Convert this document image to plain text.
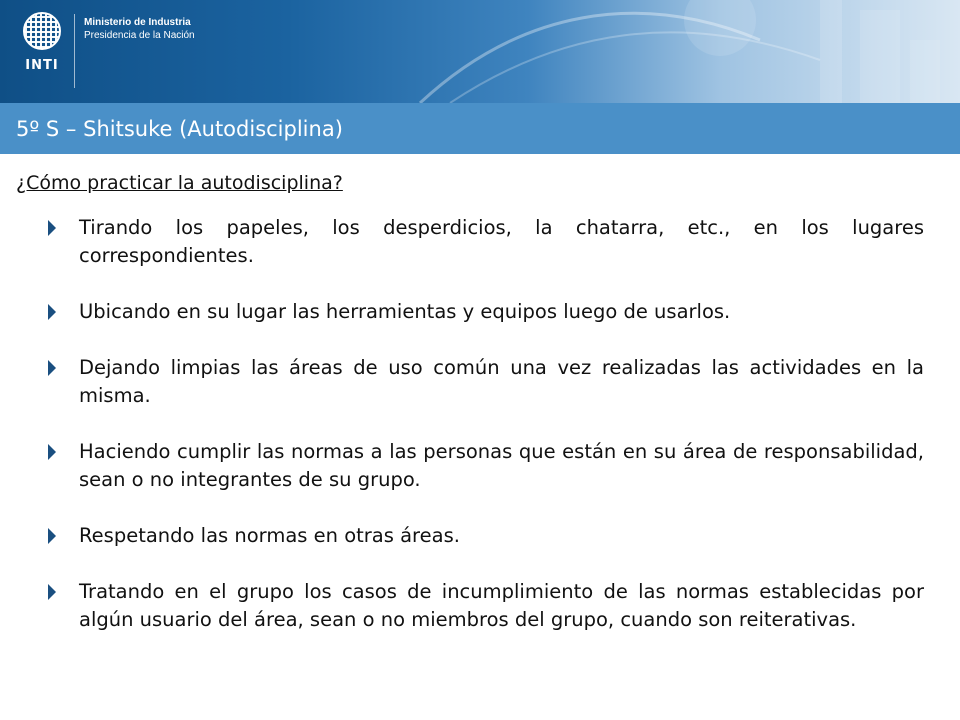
INTI
Ministerio de Industria
Presidencia de la Nación
5º S – Shitsuke (Autodisciplina)
¿Cómo practicar la autodisciplina?
Tirando los papeles, los desperdicios, la chatarra, etc., en los lugares correspondientes.
Ubicando en su lugar las herramientas y equipos luego de usarlos.
Dejando limpias las áreas de uso común una vez realizadas las actividades en la misma.
Haciendo cumplir las normas a las personas que están en su área de responsabilidad, sean o no integrantes de su grupo.
Respetando las normas en otras áreas.
Tratando en el grupo los casos de incumplimiento de las normas establecidas por algún usuario del área, sean o no miembros del grupo, cuando son reiterativas.
